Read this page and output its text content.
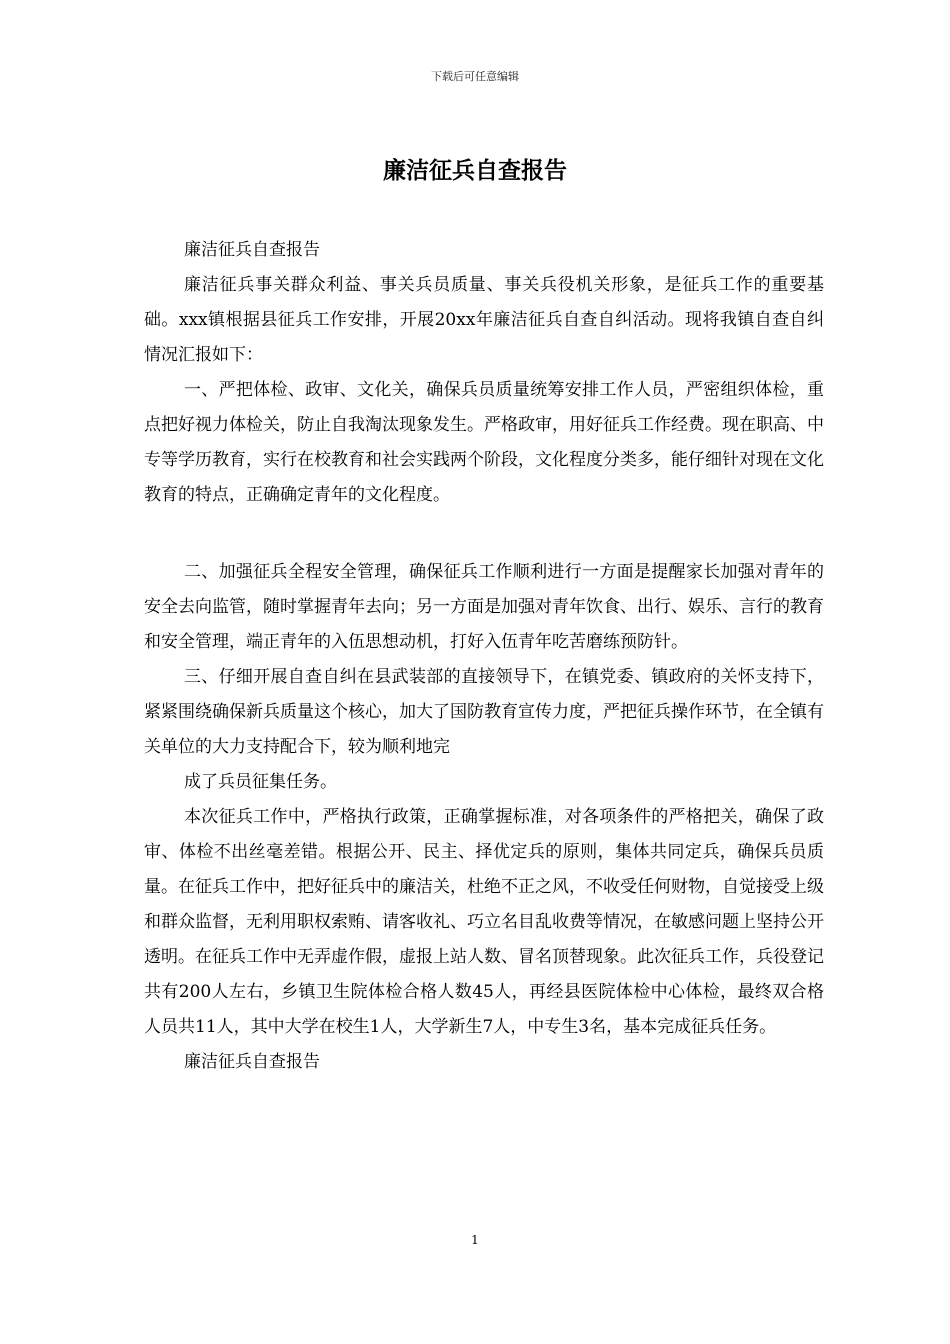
下载后可任意编辑
廉洁征兵自查报告

廉洁征兵自查报告

廉洁征兵事关群众利益、事关兵员质量、事关兵役机关形象，是征兵工作的重要基础。xxx镇根据县征兵工作安排，开展20xx年廉洁征兵自查自纠活动。现将我镇自查自纠情况汇报如下：

一、严把体检、政审、文化关，确保兵员质量统筹安排工作人员，严密组织体检，重点把好视力体检关，防止自我淘汰现象发生。严格政审，用好征兵工作经费。现在职高、中专等学历教育，实行在校教育和社会实践两个阶段，文化程度分类多，能仔细针对现在文化教育的特点，正确确定青年的文化程度。

二、加强征兵全程安全管理，确保征兵工作顺利进行一方面是提醒家长加强对青年的安全去向监管，随时掌握青年去向；另一方面是加强对青年饮食、出行、娱乐、言行的教育和安全管理，端正青年的入伍思想动机，打好入伍青年吃苦磨练预防针。

三、仔细开展自查自纠在县武装部的直接领导下，在镇党委、镇政府的关怀支持下，紧紧围绕确保新兵质量这个核心，加大了国防教育宣传力度，严把征兵操作环节，在全镇有关单位的大力支持配合下，较为顺利地完

成了兵员征集任务。

本次征兵工作中，严格执行政策，正确掌握标准，对各项条件的严格把关，确保了政审、体检不出丝毫差错。根据公开、民主、择优定兵的原则，集体共同定兵，确保兵员质量。在征兵工作中，把好征兵中的廉洁关，杜绝不正之风，不收受任何财物，自觉接受上级和群众监督，无利用职权索贿、请客收礼、巧立名目乱收费等情况，在敏感问题上坚持公开透明。在征兵工作中无弄虚作假，虚报上站人数、冒名顶替现象。此次征兵工作，兵役登记共有200人左右，乡镇卫生院体检合格人数45人，再经县医院体检中心体检，最终双合格人员共11人，其中大学在校生1人，大学新生7人，中专生3名，基本完成征兵任务。

廉洁征兵自查报告

1
